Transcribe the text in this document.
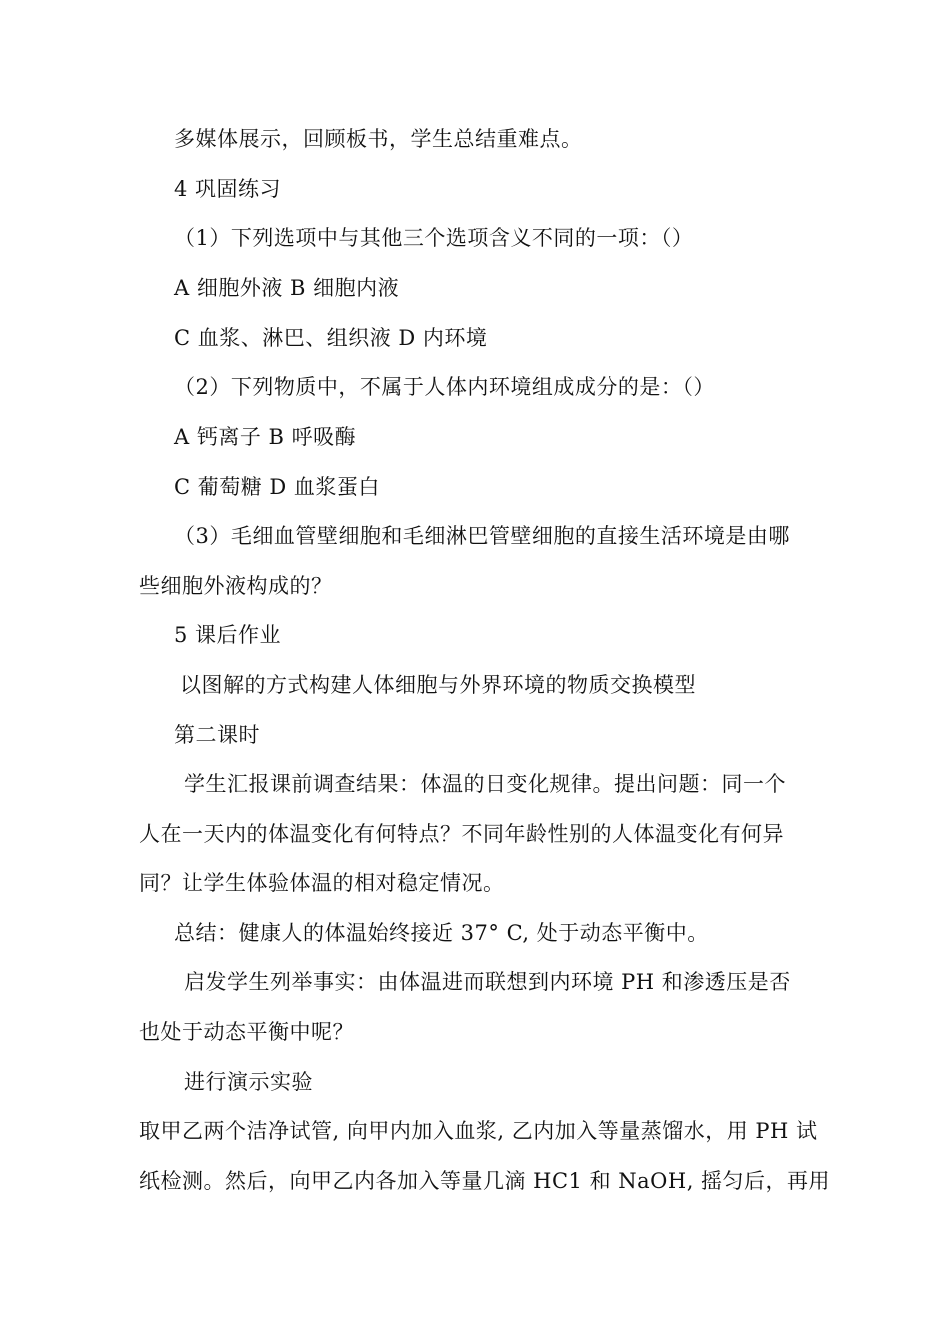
多媒体展示，回顾板书，学生总结重难点。
4 巩固练习
（1）下列选项中与其他三个选项含义不同的一项：（）
A 细胞外液 B 细胞内液
C 血浆、淋巴、组织液 D 内环境
（2）下列物质中，不属于人体内环境组成成分的是：（）
A 钙离子 B 呼吸酶
C 葡萄糖 D 血浆蛋白
（3）毛细血管壁细胞和毛细淋巴管壁细胞的直接生活环境是由哪
些细胞外液构成的？
5 课后作业
以图解的方式构建人体细胞与外界环境的物质交换模型
第二课时
学生汇报课前调查结果：体温的日变化规律。提出问题：同一个
人在一天内的体温变化有何特点？不同年龄性别的人体温变化有何异
同？让学生体验体温的相对稳定情况。
总结：健康人的体温始终接近 37° C, 处于动态平衡中。
启发学生列举事实：由体温进而联想到内环境 PH 和渗透压是否
也处于动态平衡中呢？
进行演示实验
取甲乙两个洁净试管, 向甲内加入血浆, 乙内加入等量蒸馏水，用 PH 试
纸检测。然后，向甲乙内各加入等量几滴 HC1 和 NaOH, 摇匀后，再用
